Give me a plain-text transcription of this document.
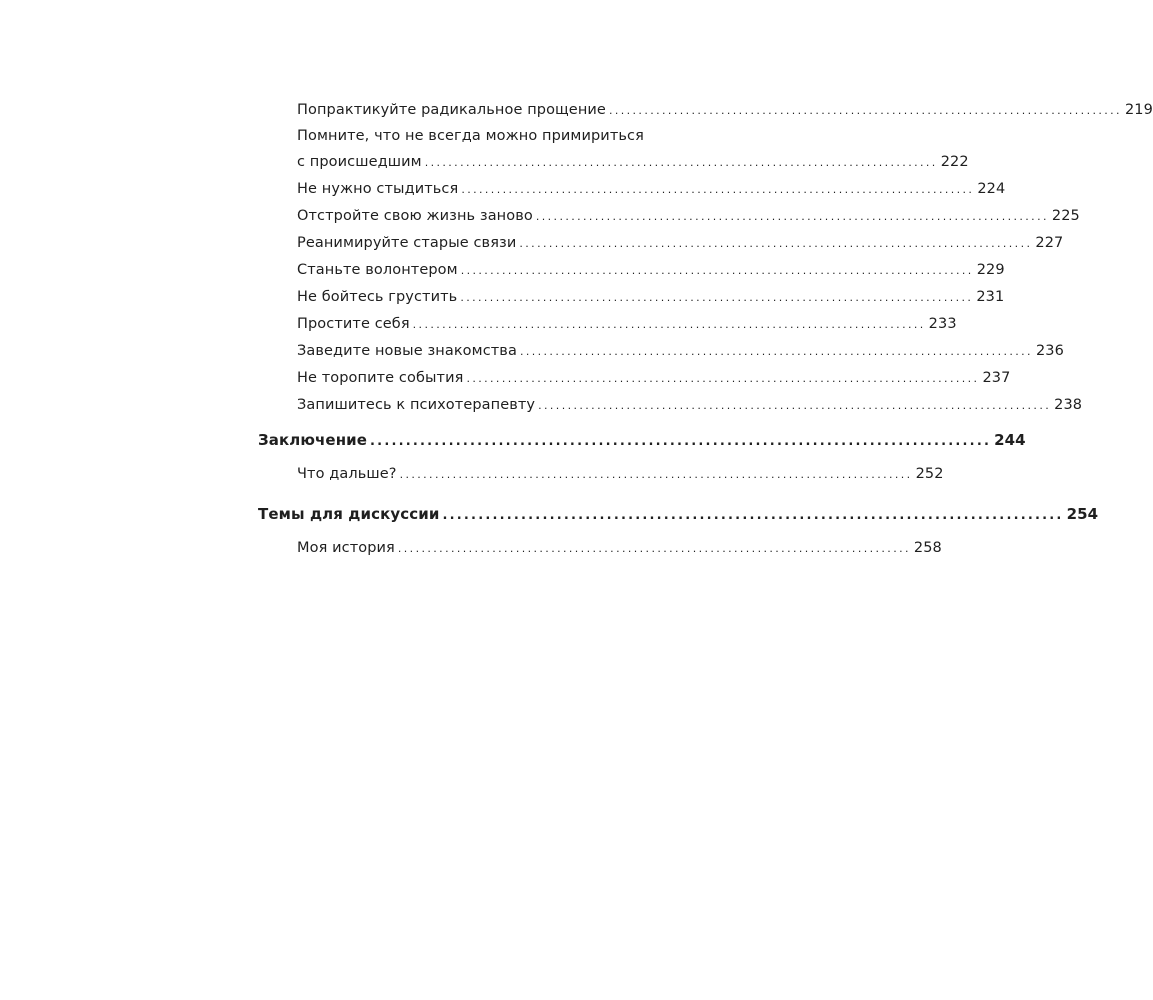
Попрактикуйте радикальное прощение ....................................................................................... 219
Помните, что не всегда можно примириться
с происшедшим ....................................................................................... 222
Не нужно стыдиться ....................................................................................... 224
Отстройте свою жизнь заново ....................................................................................... 225
Реанимируйте старые связи ....................................................................................... 227
Станьте волонтером ....................................................................................... 229
Не бойтесь грустить ....................................................................................... 231
Простите себя ....................................................................................... 233
Заведите новые знакомства ....................................................................................... 236
Не торопите события ....................................................................................... 237
Запишитесь к психотерапевту ....................................................................................... 238
Заключение ....................................................................................... 244
Что дальше? ....................................................................................... 252
Темы для дискуссии ....................................................................................... 254
Моя история ....................................................................................... 258
